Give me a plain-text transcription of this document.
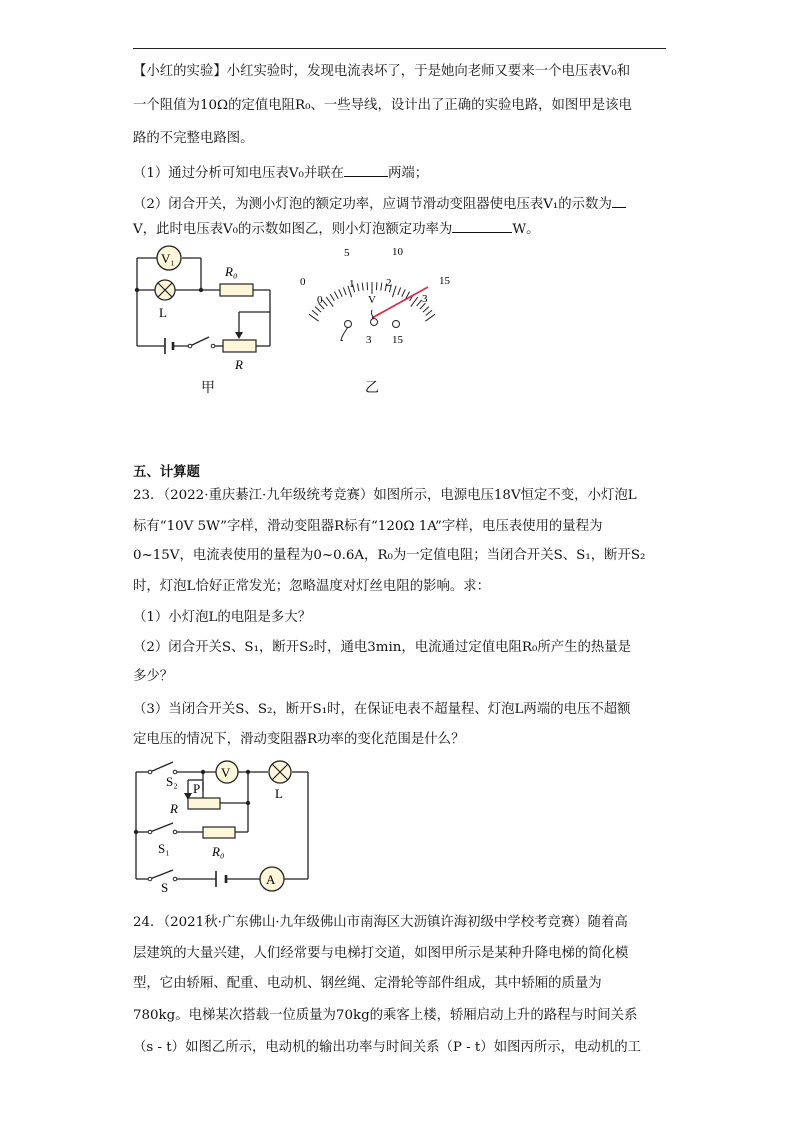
【小红的实验】小红实验时，发现电流表坏了，于是她向老师又要来一个电压表V₀和
一个阻值为10Ω的定值电阻R₀、一些导线，设计出了正确的实验电路，如图甲是该电
路的不完整电路图。
（1）通过分析可知电压表V₀并联在	两端；
（2）闭合开关，为测小灯泡的额定功率，应调节滑动变阻器使电压表V₁的示数为
V，此时电压表V₀的示数如图乙，则小灯泡额定功率为	W。
V₁
L
R₀
R
甲
0
5	10
15
0
1	2
3
V
- 3 15
乙
五、计算题
23．（2022·重庆綦江·九年级统考竞赛）如图所示，电源电压18V恒定不变，小灯泡L
标有“10V 5W”字样，滑动变阻器R标有“120Ω 1A”字样，电压表使用的量程为
0~15V，电流表使用的量程为0~0.6A，R₀为一定值电阻；当闭合开关S、S₁，断开S₂
时，灯泡L恰好正常发光；忽略温度对灯丝电阻的影响。求：
（1）小灯泡L的电阻是多大？
（2）闭合开关S、S₁，断开S₂时，通电3min，电流通过定值电阻R₀所产生的热量是
多少？
（3）当闭合开关S、S₂，断开S₁时，在保证电表不超量程、灯泡L两端的电压不超额
定电压的情况下，滑动变阻器R功率的变化范围是什么？
V
L
P
R
R₀
S₂
S₁
S
A
24．（2021秋·广东佛山·九年级佛山市南海区大沥镇许海初级中学校考竞赛）随着高
层建筑的大量兴建，人们经常要与电梯打交道，如图甲所示是某种升降电梯的简化模
型，它由轿厢、配重、电动机、钢丝绳、定滑轮等部件组成，其中轿厢的质量为
780kg。电梯某次搭载一位质量为70kg的乘客上楼，轿厢启动上升的路程与时间关系
（s - t）如图乙所示，电动机的输出功率与时间关系（P - t）如图丙所示，电动机的工
